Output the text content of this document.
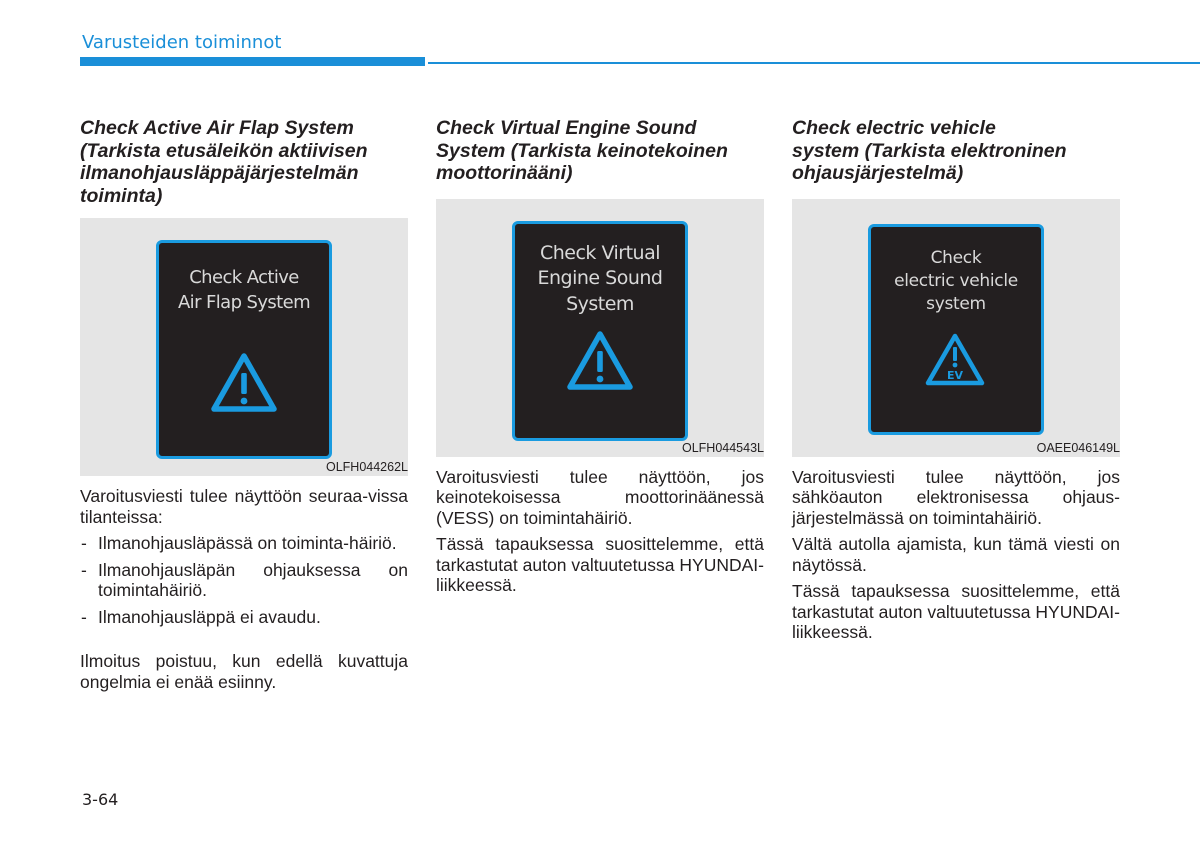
Varusteiden toiminnot
Check Active Air Flap System
(Tarkista etusäleikön aktiivisen
ilmanohjausläppäjärjestelmän
toiminta)
Check Active
Air Flap System
OLFH044262L

Varoitusviesti tulee näyttöön seuraa-vissa tilanteissa:

- Ilmanohjausläpässä on toiminta-häiriö.
- Ilmanohjausläpän ohjauksessa on toimintahäiriö.
- Ilmanohjausläppä ei avaudu.

Ilmoitus poistuu, kun edellä kuvattuja ongelmia ei enää esiinny.

Check Virtual Engine Sound
System (Tarkista keinotekoinen
moottorinääni)
Check Virtual
Engine Sound
System
OLFH044543L

Varoitusviesti tulee näyttöön, jos keinotekoisessa moottorinäänessä (VESS) on toimintahäiriö.

Tässä tapauksessa suosittelemme, että tarkastutat auton valtuutetussa HYUNDAI-liikkeessä.

Check electric vehicle
system (Tarkista elektroninen
ohjausjärjestelmä)
Check
electric vehicle
system
EV
OAEE046149L

Varoitusviesti tulee näyttöön, jos sähköauton elektronisessa ohjaus-järjestelmässä on toimintahäiriö.

Vältä autolla ajamista, kun tämä viesti on näytössä.

Tässä tapauksessa suosittelemme, että tarkastutat auton valtuutetussa HYUNDAI-liikkeessä.

3-64
